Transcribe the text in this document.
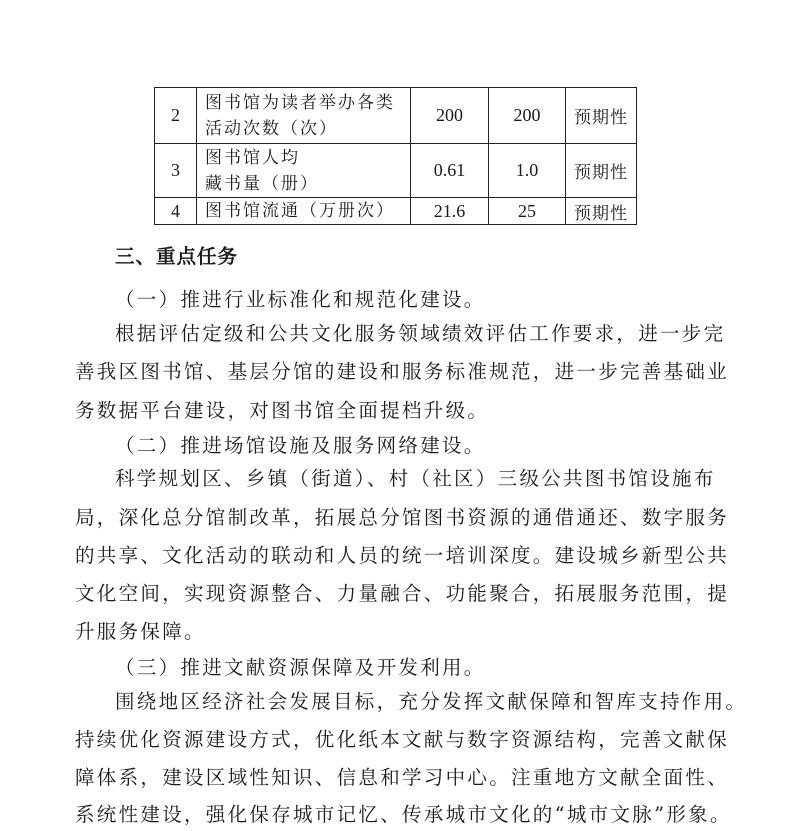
2	图书馆为读者举办各类
活动次数（次）	200	200	预期性
3	图书馆人均
藏书量（册）	0.61	1.0	预期性
4	图书馆流通（万册次）	21.6	25	预期性
三、重点任务
（一）推进行业标准化和规范化建设。
根据评估定级和公共文化服务领域绩效评估工作要求，进一步完
善我区图书馆、基层分馆的建设和服务标准规范，进一步完善基础业
务数据平台建设，对图书馆全面提档升级。
（二）推进场馆设施及服务网络建设。
科学规划区、乡镇（街道）、村（社区）三级公共图书馆设施布
局，深化总分馆制改革，拓展总分馆图书资源的通借通还、数字服务
的共享、文化活动的联动和人员的统一培训深度。建设城乡新型公共
文化空间，实现资源整合、力量融合、功能聚合，拓展服务范围，提
升服务保障。
（三）推进文献资源保障及开发利用。
围绕地区经济社会发展目标，充分发挥文献保障和智库支持作用。
持续优化资源建设方式，优化纸本文献与数字资源结构，完善文献保
障体系，建设区域性知识、信息和学习中心。注重地方文献全面性、
系统性建设，强化保存城市记忆、传承城市文化的“城市文脉”形象。
